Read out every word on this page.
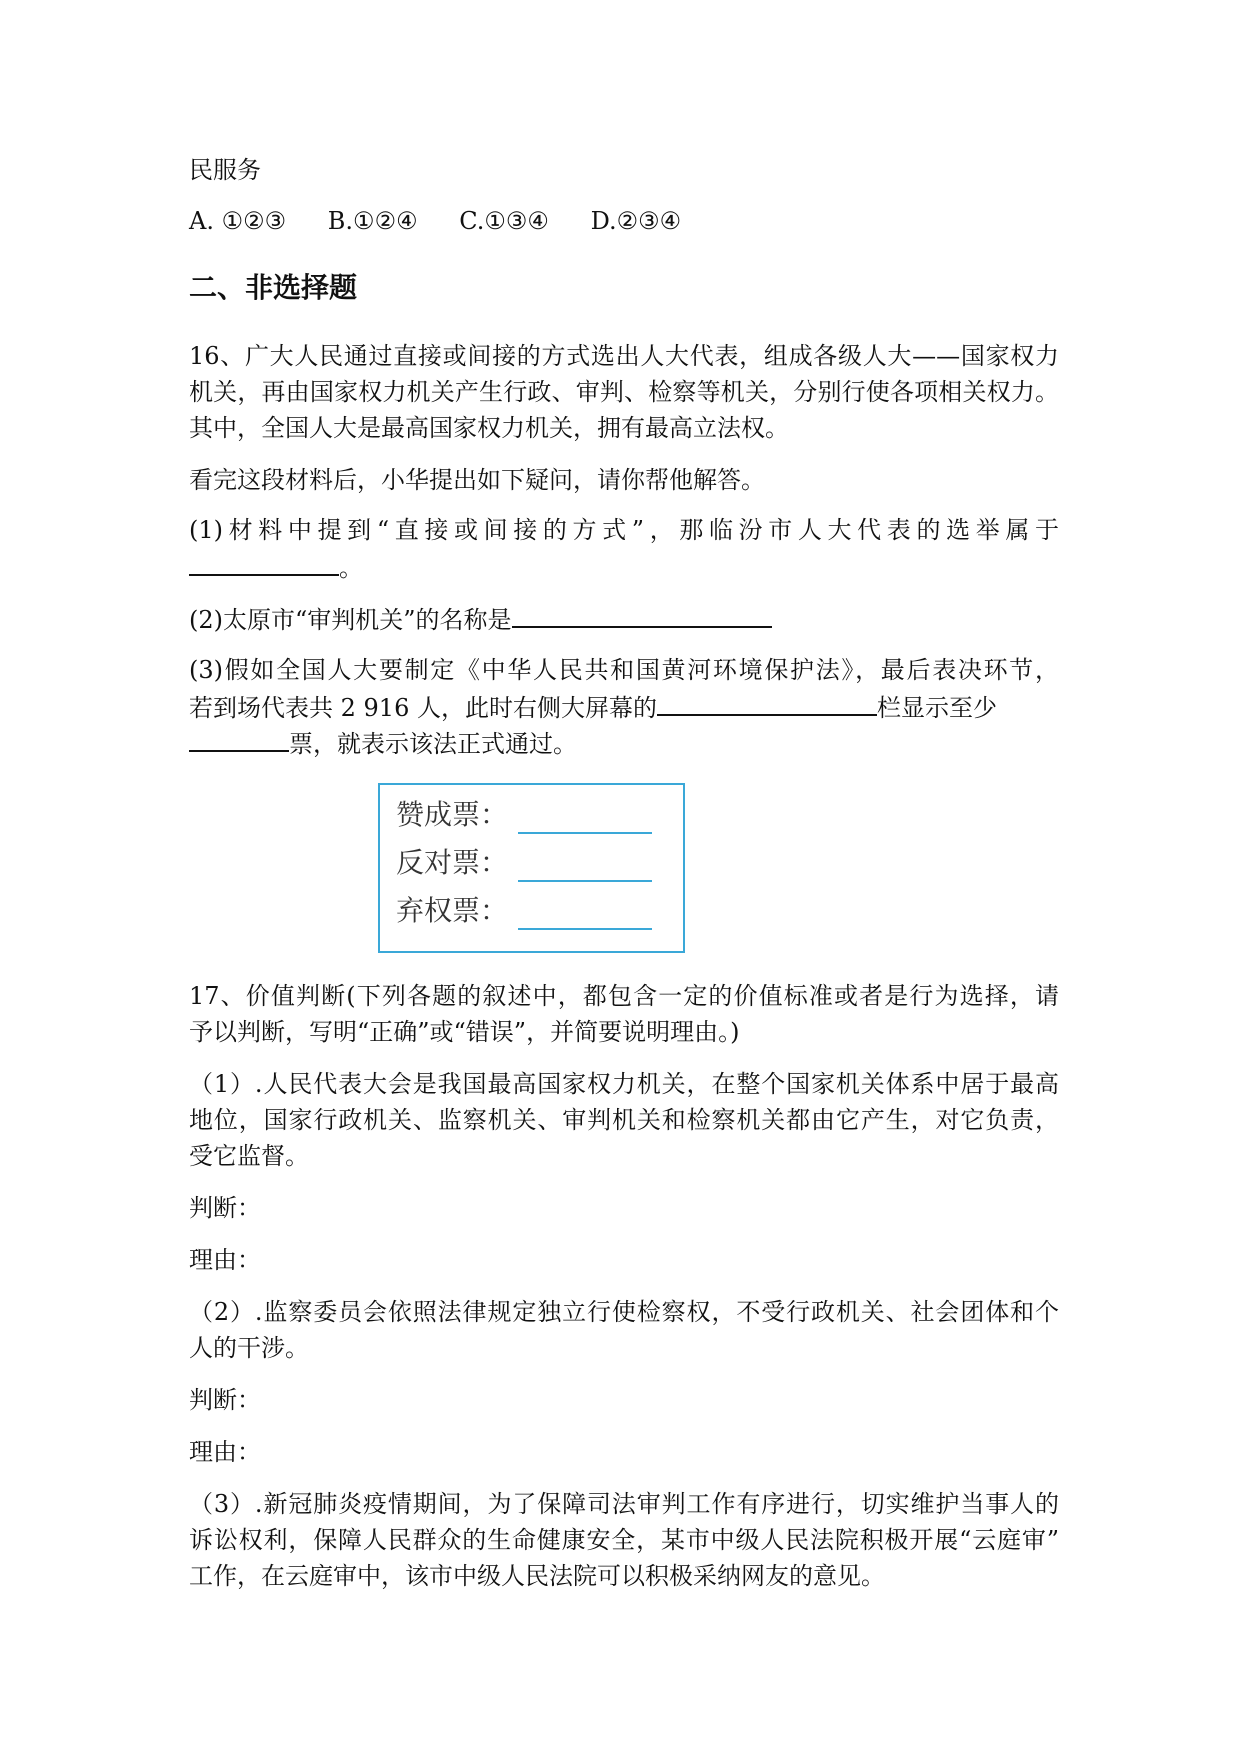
民服务
A. ①②③ B.①②④ C.①③④ D.②③④
二、非选择题
16、广大人民通过直接或间接的方式选出人大代表，组成各级人大——国家权力
机关，再由国家权力机关产生行政、审判、检察等机关，分别行使各项相关权力。
其中，全国人大是最高国家权力机关，拥有最高立法权。
看完这段材料后，小华提出如下疑问，请你帮他解答。
(1)材料中提到“直接或间接的方式”，那临汾市人大代表的选举属于
。
(2)太原市“审判机关”的名称是
(3)假如全国人大要制定《中华人民共和国黄河环境保护法》，最后表决环节，
若到场代表共 2 916 人，此时右侧大屏幕的	栏显示至少
票，就表示该法正式通过。
17、价值判断(下列各题的叙述中，都包含一定的价值标准或者是行为选择，请
予以判断，写明“正确”或“错误”，并简要说明理由。)
（1）.人民代表大会是我国最高国家权力机关，在整个国家机关体系中居于最高
地位，国家行政机关、监察机关、审判机关和检察机关都由它产生，对它负责，
受它监督。
判断：
理由：
（2）.监察委员会依照法律规定独立行使检察权，不受行政机关、社会团体和个
人的干涉。
判断：
理由：
（3）.新冠肺炎疫情期间，为了保障司法审判工作有序进行，切实维护当事人的
诉讼权利，保障人民群众的生命健康安全，某市中级人民法院积极开展“云庭审”
工作，在云庭审中，该市中级人民法院可以积极采纳网友的意见。
赞成票：
反对票：
弃权票：
